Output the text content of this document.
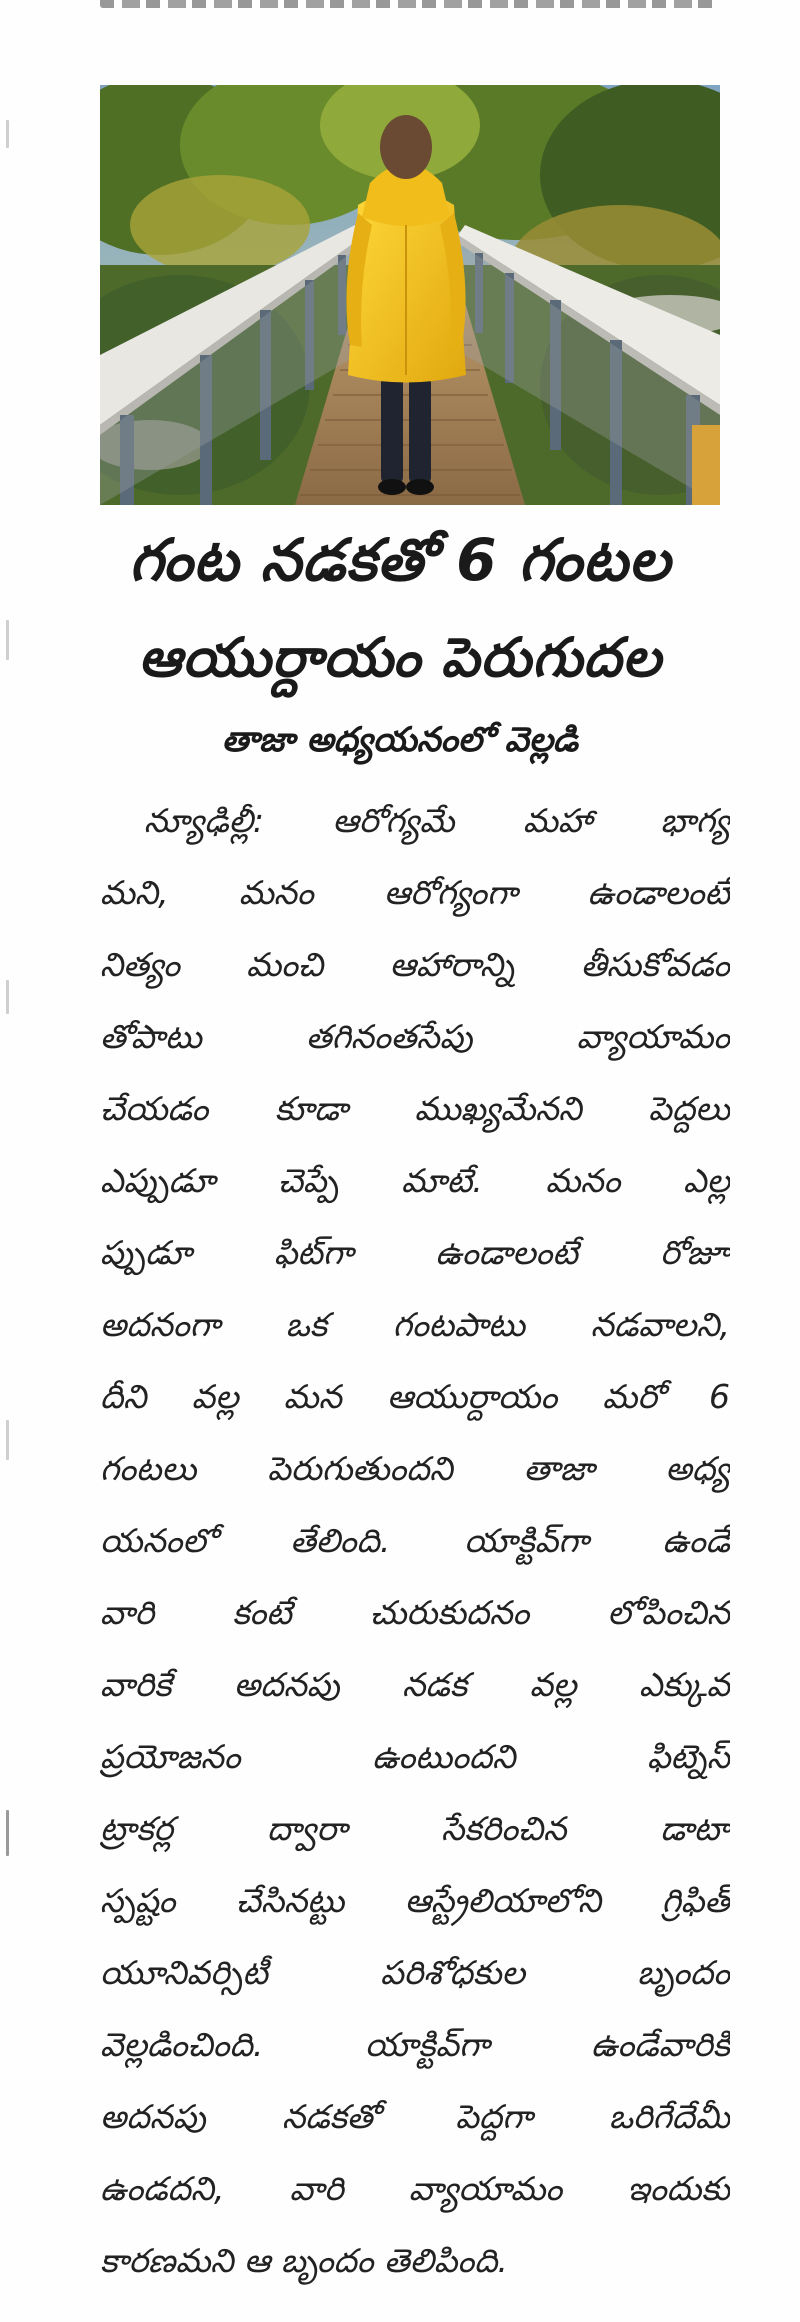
గంట నడకతో 6 గంటల
ఆయుర్దాయం పెరుగుదల
తాజా అధ్యయనంలో వెల్లడి
న్యూఢిల్లీ: ఆరోగ్యమే మహా భాగ్య
మని, మనం ఆరోగ్యంగా ఉండాలంటే
నిత్యం మంచి ఆహారాన్ని తీసుకోవడం
తోపాటు తగినంతసేపు వ్యాయామం
చేయడం కూడా ముఖ్యమేనని పెద్దలు
ఎప్పుడూ చెప్పే మాటే. మనం ఎల్ల
ప్పుడూ ఫిట్‌గా ఉండాలంటే రోజూ
అదనంగా ఒక గంటపాటు నడవాలని,
దీని వల్ల మన ఆయుర్దాయం మరో 6
గంటలు పెరుగుతుందని తాజా అధ్య
యనంలో తేలింది. యాక్టివ్‌గా ఉండే
వారి కంటే చురుకుదనం లోపించిన
వారికే అదనపు నడక వల్ల ఎక్కువ
ప్రయోజనం ఉంటుందని ఫిట్నెస్
ట్రాకర్ల ద్వారా సేకరించిన డాటా
స్పష్టం చేసినట్టు ఆస్ట్రేలియాలోని గ్రిఫిత్
యూనివర్సిటీ పరిశోధకుల బృందం
వెల్లడించింది. యాక్టివ్‌గా ఉండేవారికి
అదనపు నడకతో పెద్దగా ఒరిగేదేమీ
ఉండదని, వారి వ్యాయామం ఇందుకు
కారణమని ఆ బృందం తెలిపింది.
